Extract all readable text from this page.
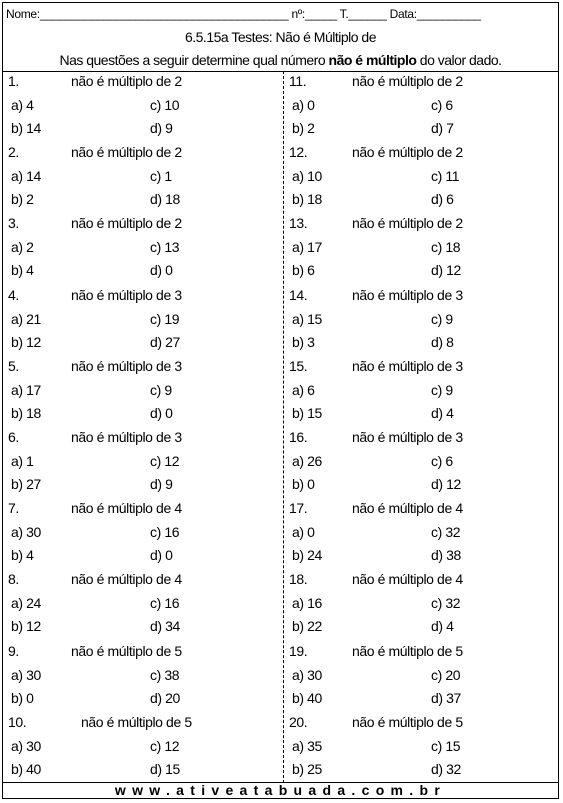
Nome:_______________________________________ nº:_____ T.______ Data:__________
6.5.15a Testes: Não é Múltiplo de
Nas questões a seguir determine qual número não é múltiplo do valor dado.
1.	não é múltiplo de 2
a) 4	c) 10
b) 14	d) 9
2.	não é múltiplo de 2
a) 14	c) 1
b) 2	d) 18
3.	não é múltiplo de 2
a) 2	c) 13
b) 4	d) 0
4.	não é múltiplo de 3
a) 21	c) 19
b) 12	d) 27
5.	não é múltiplo de 3
a) 17	c) 9
b) 18	d) 0
6.	não é múltiplo de 3
a) 1	c) 12
b) 27	d) 9
7.	não é múltiplo de 4
a) 30	c) 16
b) 4	d) 0
8.	não é múltiplo de 4
a) 24	c) 16
b) 12	d) 34
9.	não é múltiplo de 5
a) 30	c) 38
b) 0	d) 20
10.	não é múltiplo de 5
a) 30	c) 12
b) 40	d) 15
11.	não é múltiplo de 2
a) 0	c) 6
b) 2	d) 7
12.	não é múltiplo de 2
a) 10	c) 11
b) 18	d) 6
13.	não é múltiplo de 2
a) 17	c) 18
b) 6	d) 12
14.	não é múltiplo de 3
a) 15	c) 9
b) 3	d) 8
15.	não é múltiplo de 3
a) 6	c) 9
b) 15	d) 4
16.	não é múltiplo de 3
a) 26	c) 6
b) 0	d) 12
17.	não é múltiplo de 4
a) 0	c) 32
b) 24	d) 38
18.	não é múltiplo de 4
a) 16	c) 32
b) 22	d) 4
19.	não é múltiplo de 5
a) 30	c) 20
b) 40	d) 37
20.	não é múltiplo de 5
a) 35	c) 15
b) 25	d) 32
www.ativeatabuada.com.br
